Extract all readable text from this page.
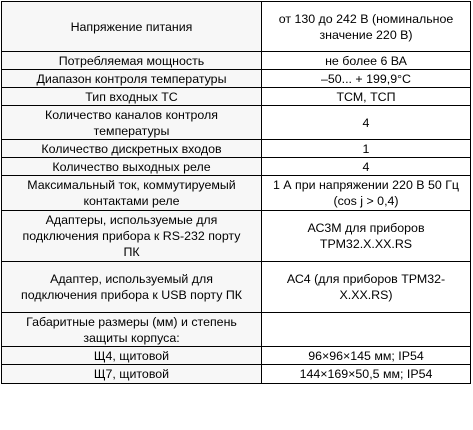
Напряжение питания	от 130 до 242 В (номинальное
значение 220 В)
Потребляемая мощность	не более 6 ВА
Диапазон контроля температуры	–50... + 199,9°С
Тип входных ТС	ТСМ, ТСП
Количество каналов контроля
температуры	4
Количество дискретных входов	1
Количество выходных реле	4
Максимальный ток, коммутируемый
контактами реле	1 А при напряжении 220 В 50 Гц
(cos j > 0,4)
Адаптеры, используемые для
подключения прибора к RS-232 порту
ПК	АС3М для приборов
ТРМ32.Х.ХХ.RS
Адаптер, используемый для
подключения прибора к USB порту ПК	АС4 (для приборов ТРМ32-
Х.ХХ.RS)
Габаритные размеры (мм) и степень
защиты корпуса:	
Щ4, щитовой	96×96×145 мм; IP54
Щ7, щитовой	144×169×50,5 мм; IP54
